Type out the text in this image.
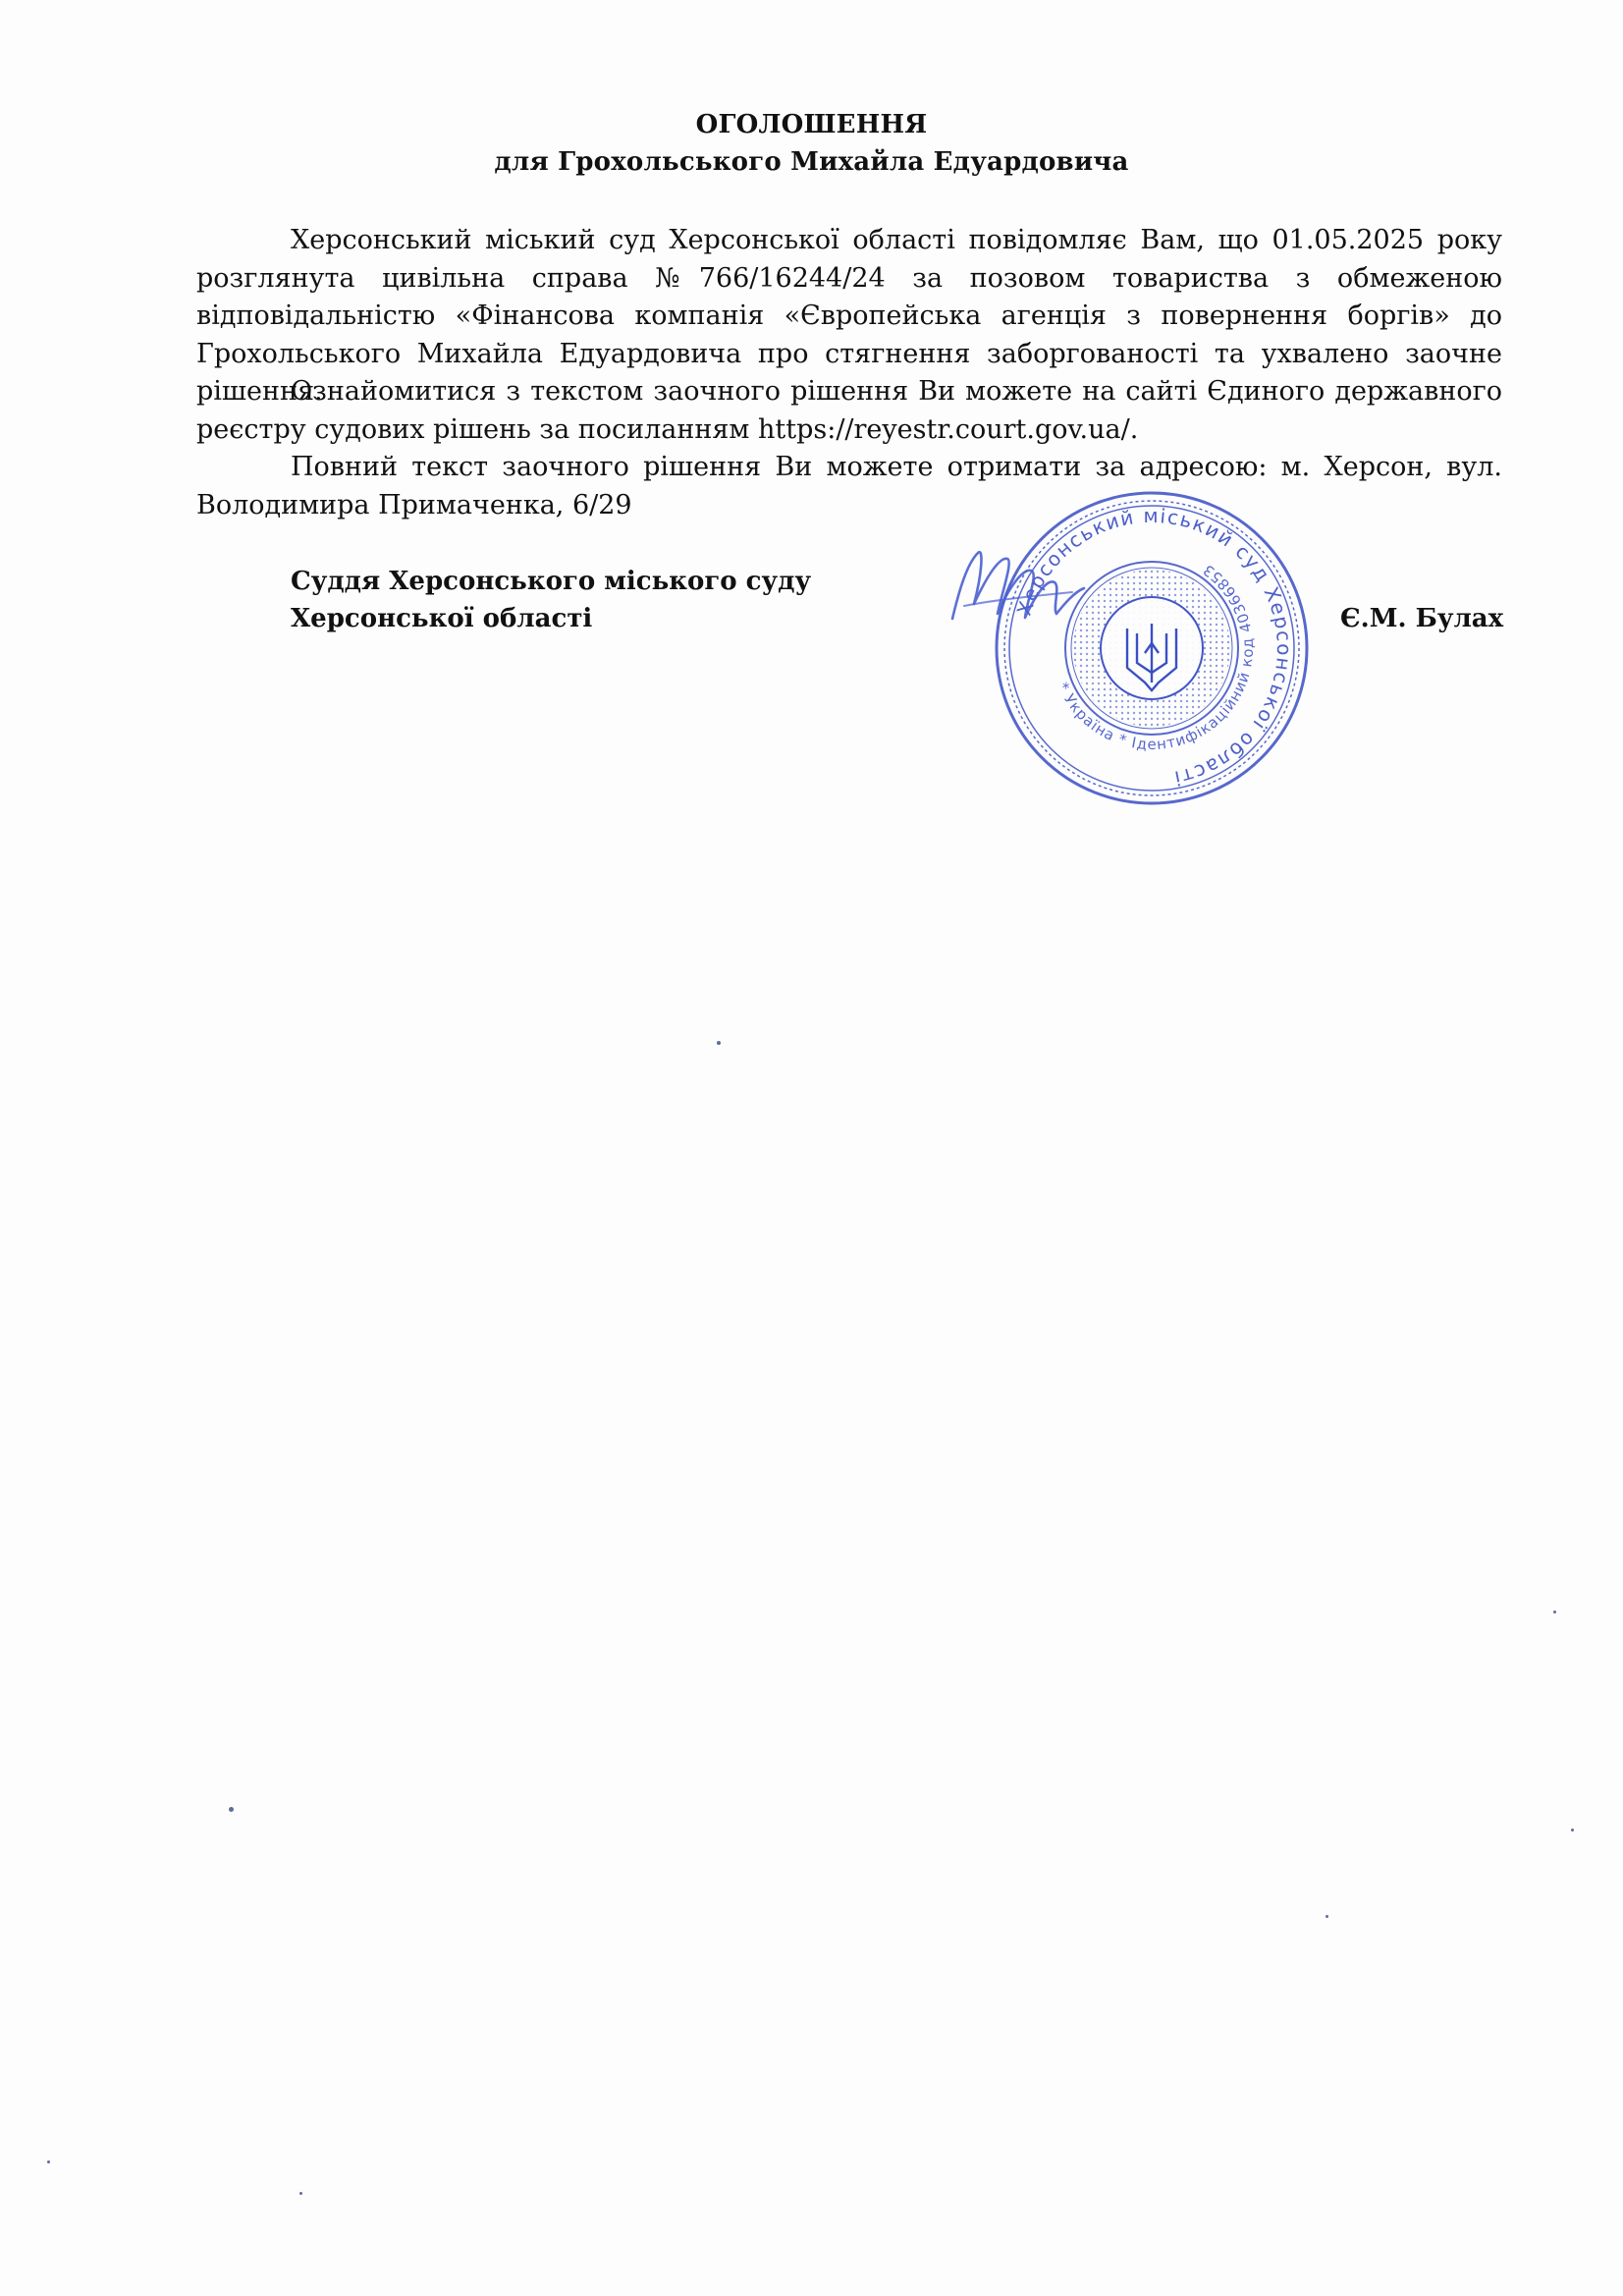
ОГОЛОШЕННЯ
для Грохольського Михайла Едуардовича

Херсонський міський суд Херсонської області повідомляє Вам, що 01.05.2025 року розглянута цивільна справа №766/16244/24 за позовом товариства з обмеженою відповідальністю «Фінансова компанія «Європейська агенція з повернення боргів» до Грохольського Михайла Едуардовича про стягнення заборгованості та ухвалено заочне рішення.

Ознайомитися з текстом заочного рішення Ви можете на сайті Єдиного державного реєстру судових рішень за посиланням https://reyestr.court.gov.ua/.

Повний текст заочного рішення Ви можете отримати за адресою: м. Херсон, вул. Володимира Примаченка, 6/29

Суддя Херсонського міського суду
Херсонської області	Херсонський міський суд Херсонської області
* Україна * Ідентифікаційний код 40366853
Є.М. Булах
